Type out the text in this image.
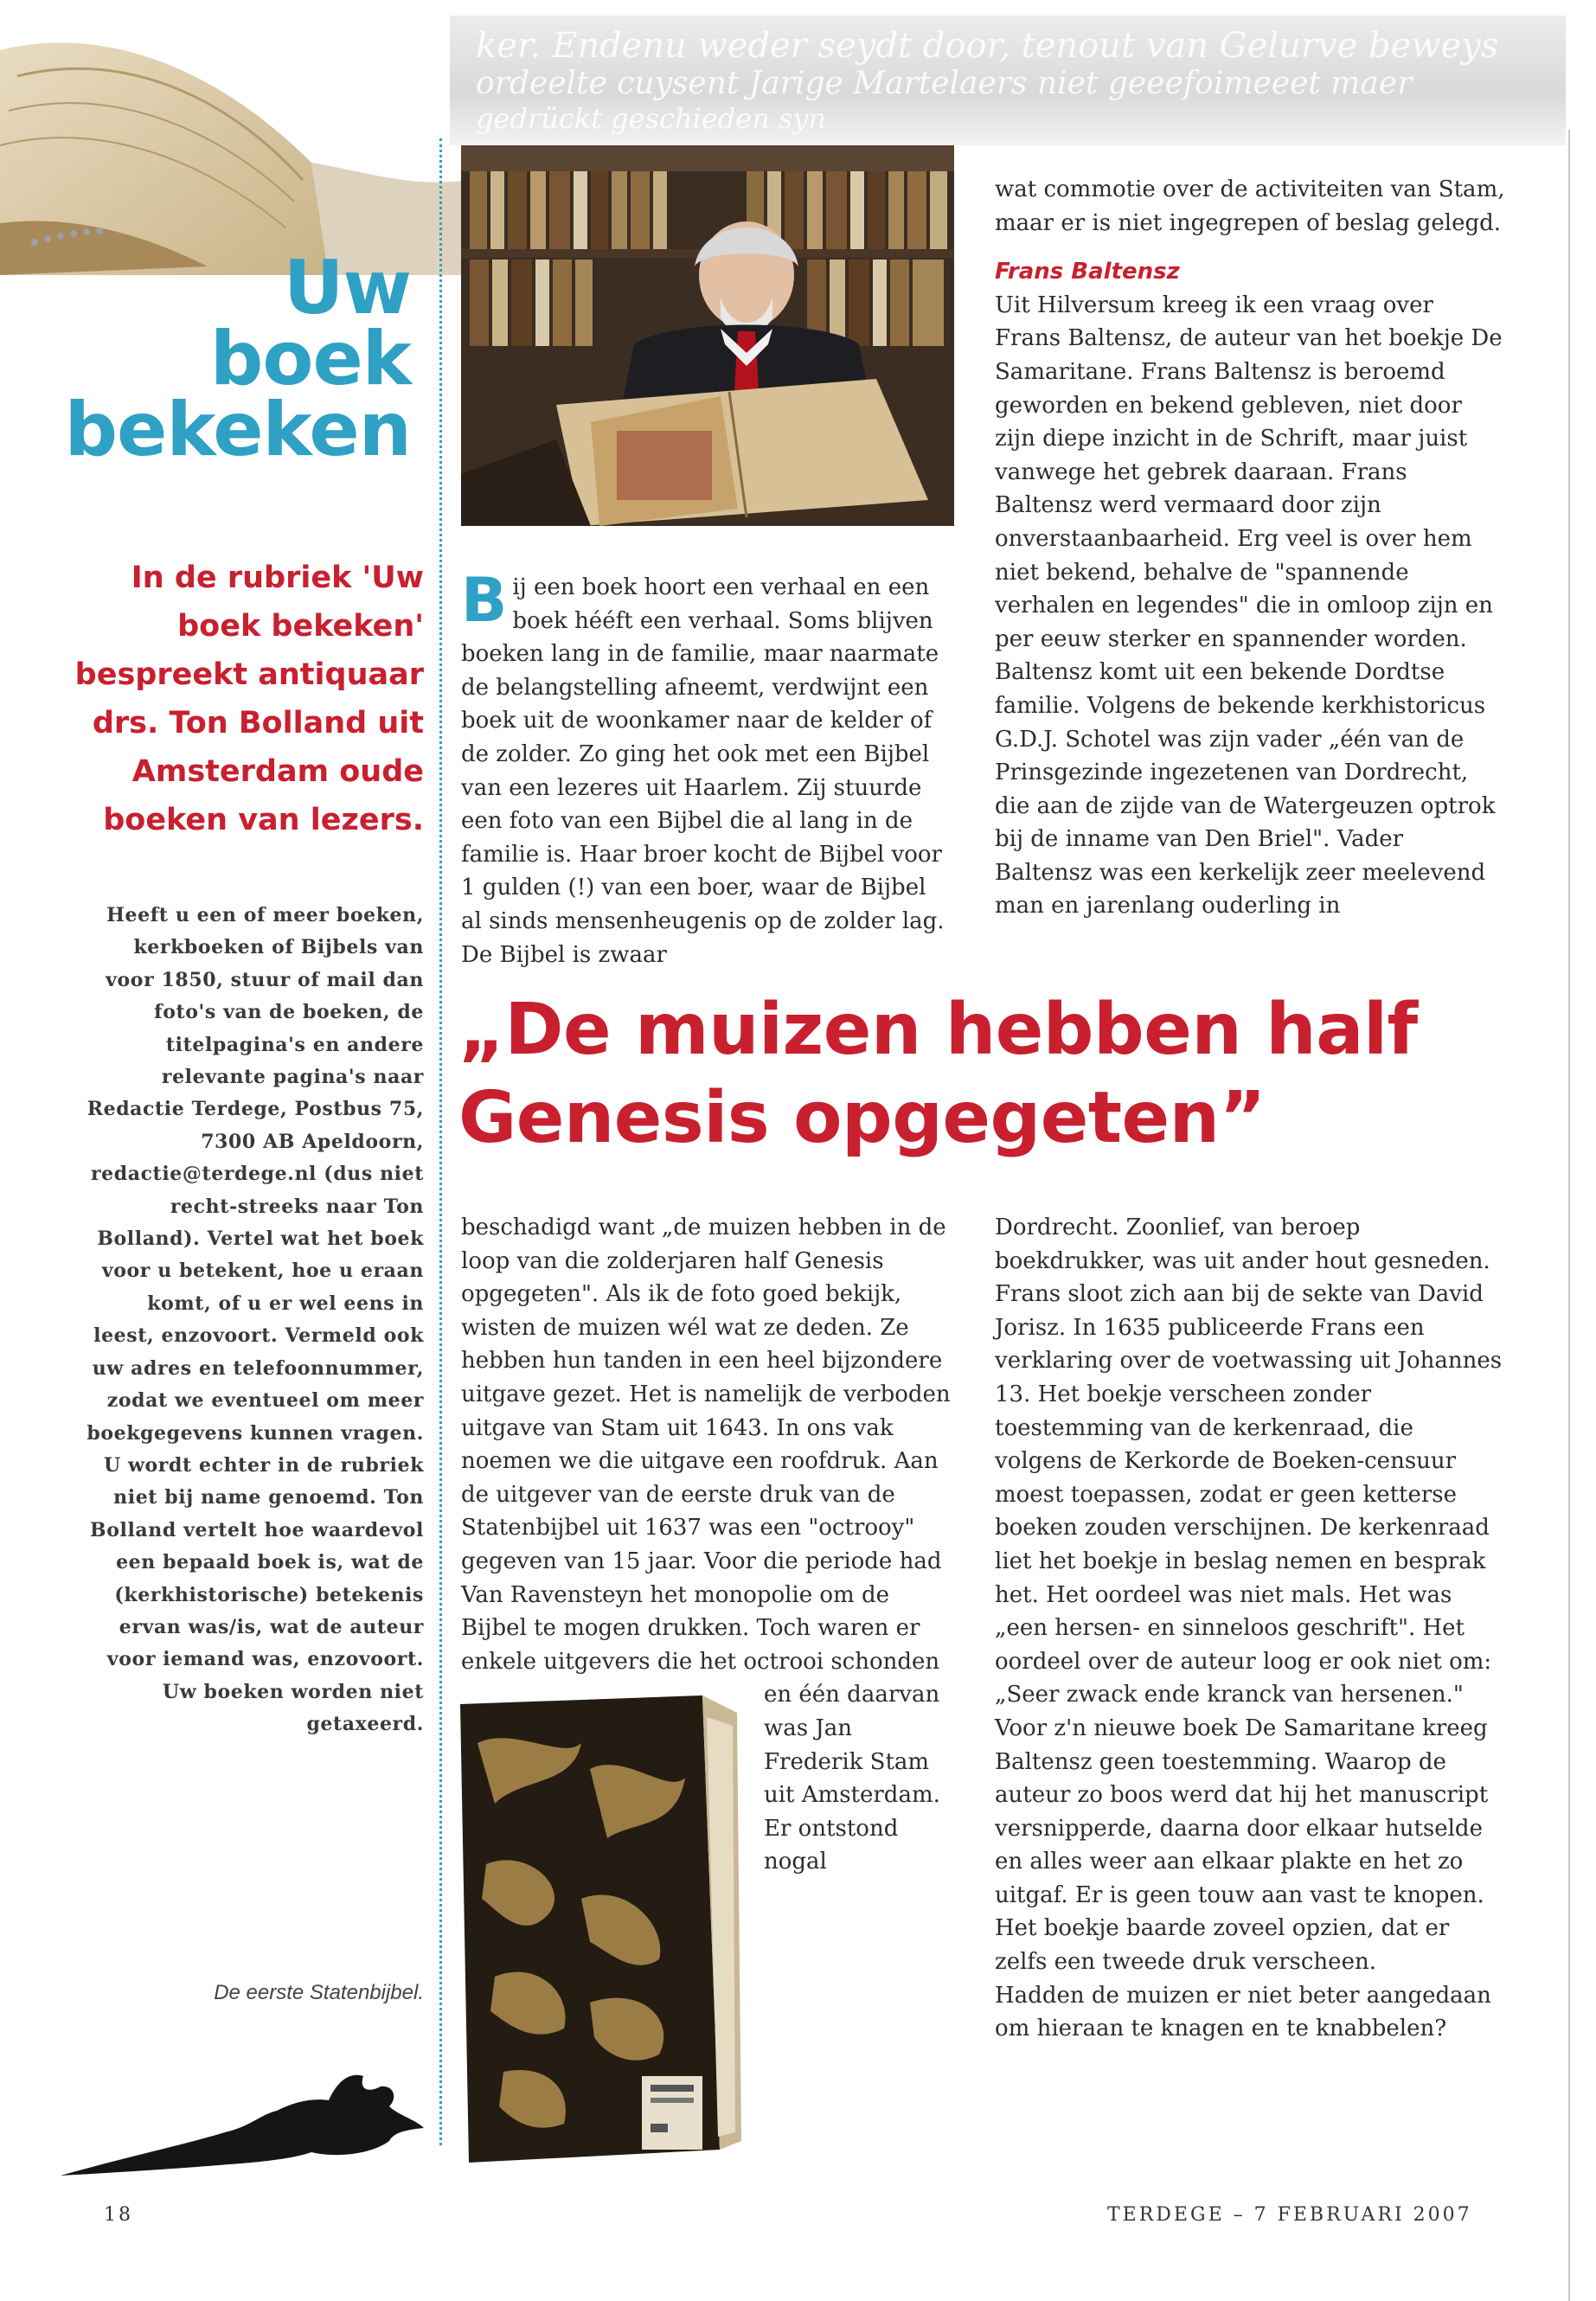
ker. Endenu weder seydt door, tenout van Gelurve beweys
ordeelte cuysent Jarige Martelaers niet geeefoimeeet maer
gedrückt geschieden syn
Uw
boek
bekeken

In de rubriek 'Uw boek bekeken' bespreekt antiquaar drs. Ton Bolland uit Amsterdam oude boeken van lezers.

Heeft u een of meer boeken, kerkboeken of Bijbels van voor 1850, stuur of mail dan foto's van de boeken, de titelpagina's en andere relevante pagina's naar Redactie Terdege, Postbus 75, 7300 AB Apeldoorn, redactie@terdege.nl (dus niet recht-streeks naar Ton Bolland). Vertel wat het boek voor u betekent, hoe u eraan komt, of u er wel eens in leest, enzovoort. Vermeld ook uw adres en telefoonnummer, zodat we eventueel om meer boekgegevens kunnen vragen. U wordt echter in de rubriek niet bij name genoemd. Ton Bolland vertelt hoe waardevol een bepaald boek is, wat de (kerkhistorische) betekenis ervan was/is, wat de auteur voor iemand was, enzovoort. Uw boeken worden niet getaxeerd.

Bij een boek hoort een verhaal en een boek hééft een verhaal. Soms blijven boeken lang in de familie, maar naarmate de belangstelling afneemt, verdwijnt een boek uit de woonkamer naar de kelder of de zolder. Zo ging het ook met een Bijbel van een lezeres uit Haarlem. Zij stuurde een foto van een Bijbel die al lang in de familie is. Haar broer kocht de Bijbel voor 1 gulden (!) van een boer, waar de Bijbel al sinds mensenheugenis op de zolder lag. De Bijbel is zwaar

wat commotie over de activiteiten van Stam, maar er is niet ingegrepen of beslag gelegd.

Frans Baltensz

Uit Hilversum kreeg ik een vraag over Frans Baltensz, de auteur van het boekje De Samaritane. Frans Baltensz is beroemd geworden en bekend gebleven, niet door zijn diepe inzicht in de Schrift, maar juist vanwege het gebrek daaraan. Frans Baltensz werd vermaard door zijn onverstaanbaarheid. Erg veel is over hem niet bekend, behalve de "spannende verhalen en legendes" die in omloop zijn en per eeuw sterker en spannender worden. Baltensz komt uit een bekende Dordtse familie. Volgens de bekende kerkhistoricus G.D.J. Schotel was zijn vader „één van de Prinsgezinde ingezetenen van Dordrecht, die aan de zijde van de Watergeuzen optrok bij de inname van Den Briel". Vader Baltensz was een kerkelijk zeer meelevend man en jarenlang ouderling in

„De muizen hebben half Genesis opgegeten”

beschadigd want „de muizen hebben in de loop van die zolderjaren half Genesis opgegeten". Als ik de foto goed bekijk, wisten de muizen wél wat ze deden. Ze hebben hun tanden in een heel bijzondere uitgave gezet. Het is namelijk de verboden uitgave van Stam uit 1643. In ons vak noemen we die uitgave een roofdruk. Aan de uitgever van de eerste druk van de Statenbijbel uit 1637 was een "octrooy" gegeven van 15 jaar. Voor die periode had Van Ravensteyn het monopolie om de Bijbel te mogen drukken. Toch waren er enkele uitgevers die het octrooi schonden en één daarvan was Jan Frederik Stam uit Amsterdam. Er ontstond nogal

Dordrecht. Zoonlief, van beroep boekdrukker, was uit ander hout gesneden. Frans sloot zich aan bij de sekte van David Jorisz. In 1635 publiceerde Frans een verklaring over de voetwassing uit Johannes 13. Het boekje verscheen zonder toestemming van de kerkenraad, die volgens de Kerkorde de Boeken-censuur moest toepassen, zodat er geen ketterse boeken zouden verschijnen. De kerkenraad liet het boekje in beslag nemen en besprak het. Het oordeel was niet mals. Het was „een hersen- en sinneloos geschrift". Het oordeel over de auteur loog er ook niet om: „Seer zwack ende kranck van hersenen."

Voor z'n nieuwe boek De Samaritane kreeg Baltensz geen toestemming. Waarop de auteur zo boos werd dat hij het manuscript versnipperde, daarna door elkaar hutselde en alles weer aan elkaar plakte en het zo uitgaf. Er is geen touw aan vast te knopen. Het boekje baarde zoveel opzien, dat er zelfs een tweede druk verscheen.

Hadden de muizen er niet beter aangedaan om hieraan te knagen en te knabbelen?

De eerste Statenbijbel.
18	TERDEGE – 7 FEBRUARI 2007
